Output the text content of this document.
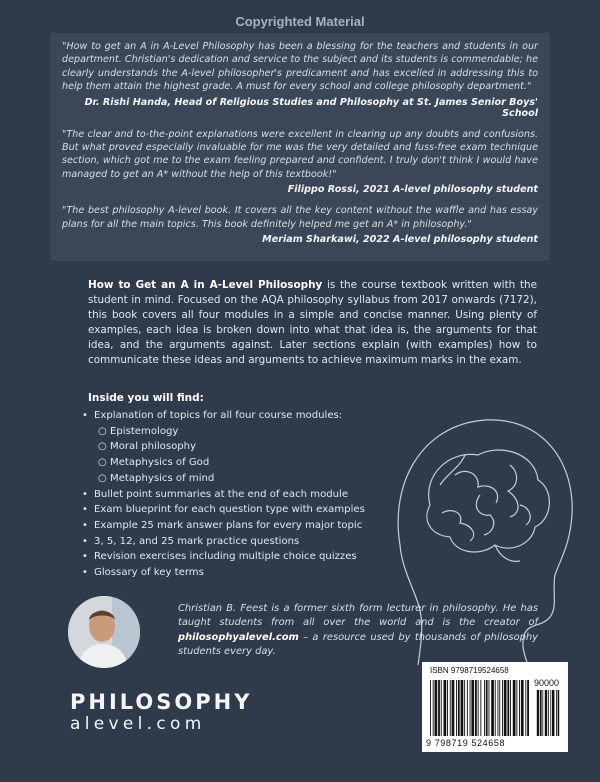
Copyrighted Material
"How to get an A in A-Level Philosophy has been a blessing for the teachers and students in our department. Christian's dedication and service to the subject and its students is commendable; he clearly understands the A-level philosopher's predicament and has excelled in addressing this to help them attain the highest grade. A must for every school and college philosophy department."
Dr. Rishi Handa, Head of Religious Studies and Philosophy at St. James Senior Boys' School
"The clear and to-the-point explanations were excellent in clearing up any doubts and confusions. But what proved especially invaluable for me was the very detailed and fuss-free exam technique section, which got me to the exam feeling prepared and confident. I truly don't think I would have managed to get an A* without the help of this textbook!"
Filippo Rossi, 2021 A-level philosophy student
"The best philosophy A-level book. It covers all the key content without the waffle and has essay plans for all the main topics. This book definitely helped me get an A* in philosophy."
Meriam Sharkawi, 2022 A-level philosophy student

How to Get an A in A-Level Philosophy is the course textbook written with the student in mind. Focused on the AQA philosophy syllabus from 2017 onwards (7172), this book covers all four modules in a simple and concise manner. Using plenty of examples, each idea is broken down into what that idea is, the arguments for that idea, and the arguments against. Later sections explain (with examples) how to communicate these ideas and arguments to achieve maximum marks in the exam.

Inside you will find:
• Explanation of topics for all four course modules:
○ Epistemology
○ Moral philosophy
○ Metaphysics of God
○ Metaphysics of mind
• Bullet point summaries at the end of each module
• Exam blueprint for each question type with examples
• Example 25 mark answer plans for every major topic
• 3, 5, 12, and 25 mark practice questions
• Revision exercises including multiple choice quizzes
• Glossary of key terms

Christian B. Feest is a former sixth form lecturer in philosophy. He has taught students from all over the world and is the creator of philosophyalevel.com – a resource used by thousands of philosophy students every day.

PHILOSOPHY
alevel.com
ISBN 9798719524658
90000
9 798719 524658
